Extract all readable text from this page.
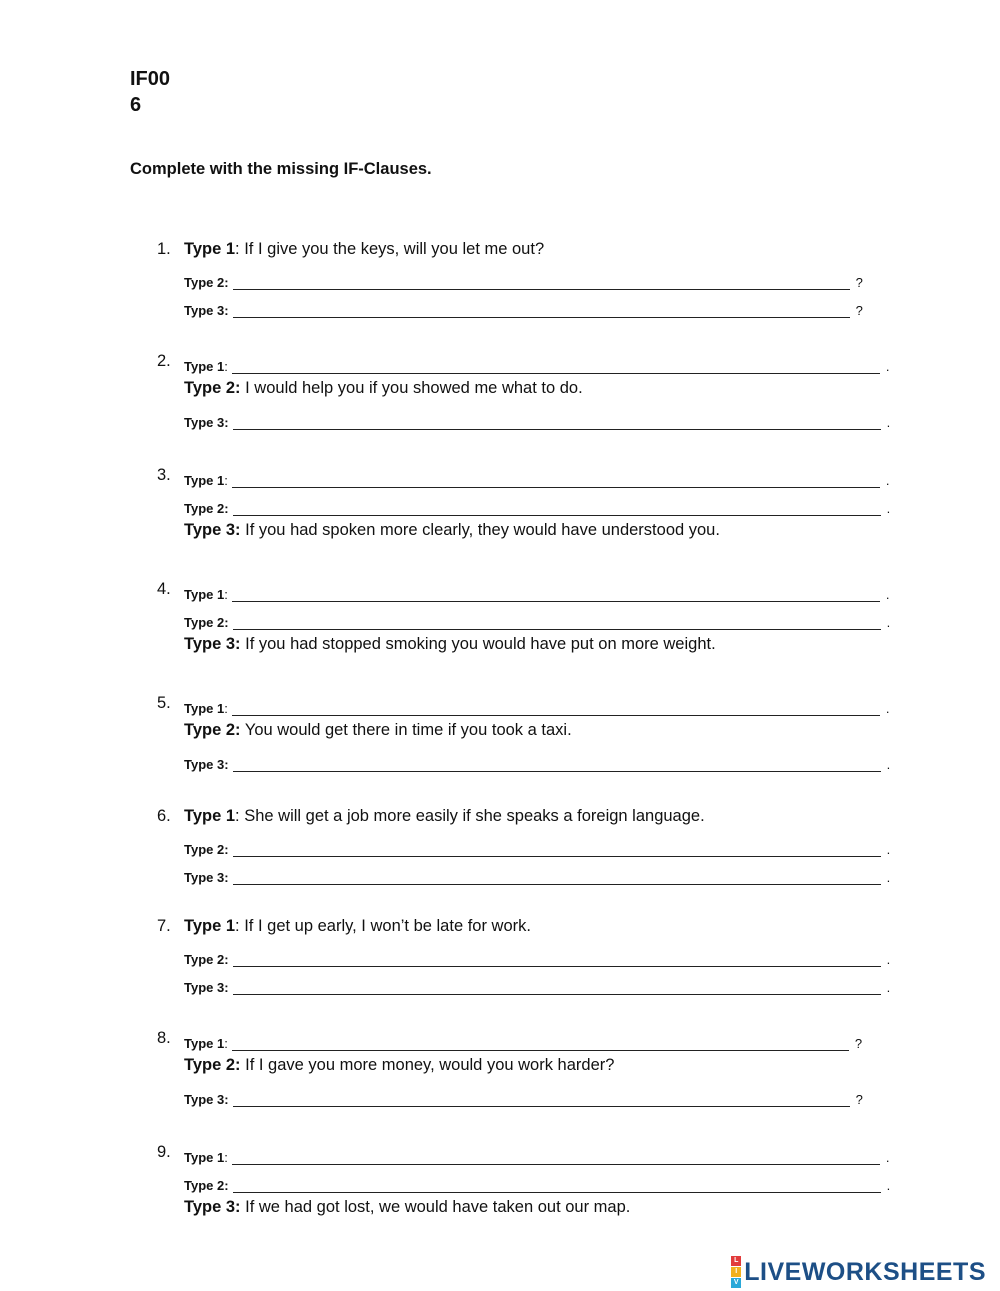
IF00
6
Complete with the missing IF-Clauses.
1. Type 1: If I give you the keys, will you let me out?
Type 2:	?
Type 3:	?
2. Type 1:	.
Type 2: I would help you if you showed me what to do.
Type 3:	.
3. Type 1:	.
Type 2:	.
Type 3: If you had spoken more clearly, they would have understood you.
4. Type 1:	.
Type 2:	.
Type 3: If you had stopped smoking you would have put on more weight.
5. Type 1:	.
Type 2: You would get there in time if you took a taxi.
Type 3:	.
6. Type 1: She will get a job more easily if she speaks a foreign language.
Type 2:	.
Type 3:	.
7. Type 1: If I get up early, I won’t be late for work.
Type 2:	.
Type 3:	.
8. Type 1:	?
Type 2: If I gave you more money, would you work harder?
Type 3:	?
9. Type 1:	.
Type 2:	.
Type 3: If we had got lost, we would have taken out our map.
L
I
V LIVEWORKSHEETS
